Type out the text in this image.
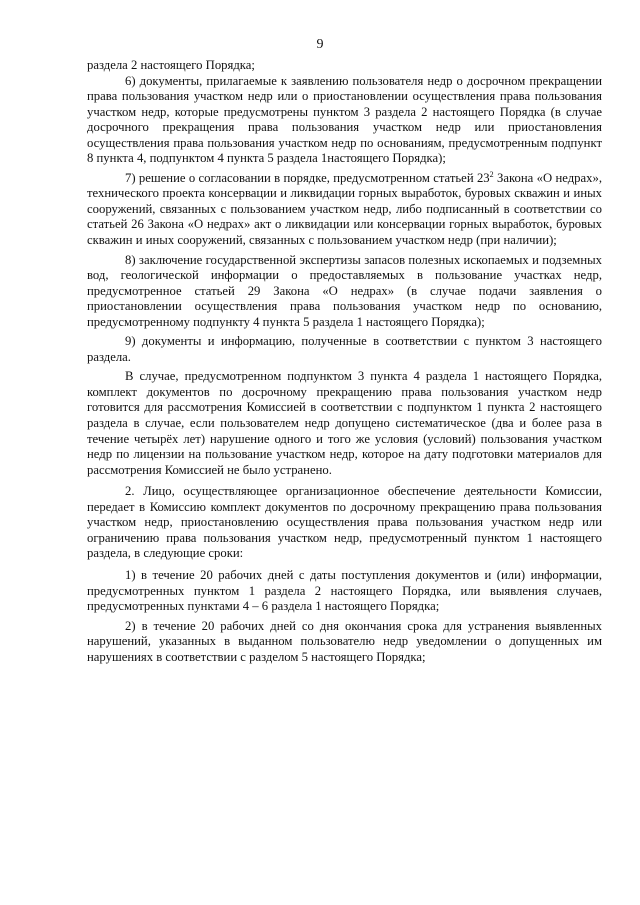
9

раздела 2 настоящего Порядка;

6) документы, прилагаемые к заявлению пользователя недр о досрочном прекращении права пользования участком недр или о приостановлении осуществления права пользования участком недр, которые предусмотрены пунктом 3 раздела 2 настоящего Порядка (в случае досрочного прекращения права пользования участком недр или приостановления осуществления права пользования участком недр по основаниям, предусмотренным подпункт 8 пункта 4, подпунктом 4 пункта 5 раздела 1настоящего Порядка);

7) решение о согласовании в порядке, предусмотренном статьей $23^2$ Закона «О недрах», технического проекта консервации и ликвидации горных выработок, буровых скважин и иных сооружений, связанных с пользованием участком недр, либо подписанный в соответствии со статьей 26 Закона «О недрах» акт о ликвидации или консервации горных выработок, буровых скважин и иных сооружений, связанных с пользованием участком недр (при наличии);

8) заключение государственной экспертизы запасов полезных ископаемых и подземных вод, геологической информации о предоставляемых в пользование участках недр, предусмотренное статьей 29 Закона «О недрах» (в случае подачи заявления о приостановлении осуществления права пользования участком недр по основанию, предусмотренному подпункту 4 пункта 5 раздела 1 настоящего Порядка);

9) документы и информацию, полученные в соответствии с пунктом 3 настоящего раздела.

В случае, предусмотренном подпунктом 3 пункта 4 раздела 1 настоящего Порядка, комплект документов по досрочному прекращению права пользования участком недр готовится для рассмотрения Комиссией в соответствии с подпунктом 1 пункта 2 настоящего раздела в случае, если пользователем недр допущено систематическое (два и более раза в течение четырёх лет) нарушение одного и того же условия (условий) пользования участком недр по лицензии на пользование участком недр, которое на дату подготовки материалов для рассмотрения Комиссией не было устранено.

2. Лицо, осуществляющее организационное обеспечение деятельности Комиссии, передает в Комиссию комплект документов по досрочному прекращению права пользования участком недр, приостановлению осуществления права пользования участком недр или ограничению права пользования участком недр, предусмотренный пунктом 1 настоящего раздела, в следующие сроки:

1) в течение 20 рабочих дней с даты поступления документов и (или) информации, предусмотренных пунктом 1 раздела 2 настоящего Порядка, или выявления случаев, предусмотренных пунктами 4 – 6 раздела 1 настоящего Порядка;

2) в течение 20 рабочих дней со дня окончания срока для устранения выявленных нарушений, указанных в выданном пользователю недр уведомлении о допущенных им нарушениях в соответствии с разделом 5 настоящего Порядка;
